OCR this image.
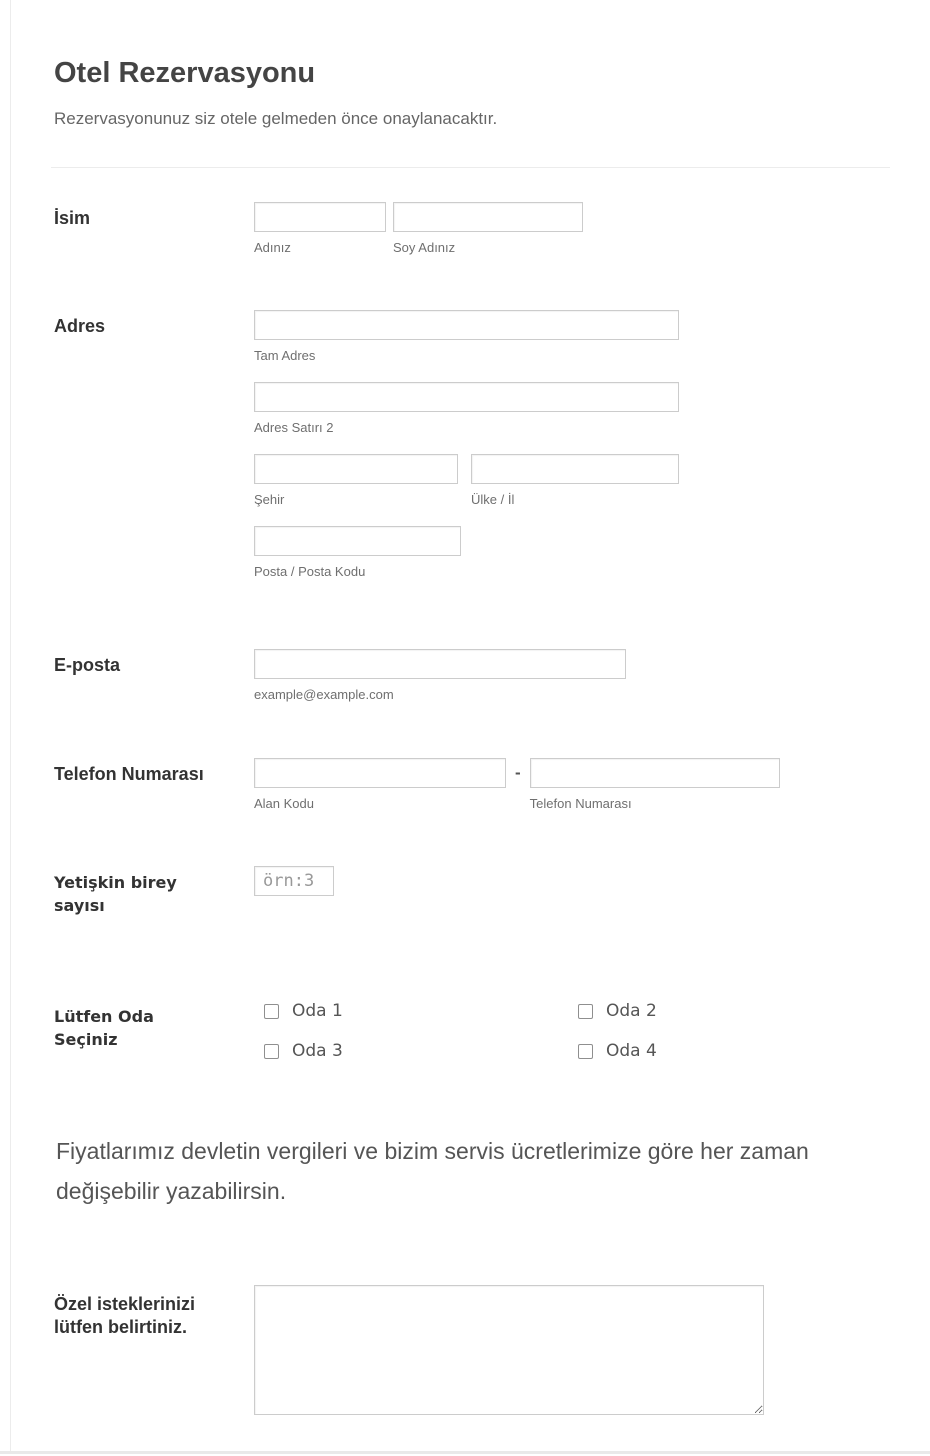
Otel Rezervasyonu
Rezervasyonunuz siz otele gelmeden önce onaylanacaktır.
İsim
Adınız	Soy Adınız
Adres
Tam Adres
Adres Satırı 2
Şehir	Ülke / İl
Posta / Posta Kodu
E-posta
example@example.com
Telefon Numarası
Alan Kodu
-
Telefon Numarası
Yetişkin birey sayısı
örn:3
Lütfen Oda Seçiniz
Oda 1	Oda 2
Oda 3	Oda 4
Fiyatlarımız devletin vergileri ve bizim servis ücretlerimize göre her zaman değişebilir yazabilirsin.
Özel isteklerinizi lütfen belirtiniz.
